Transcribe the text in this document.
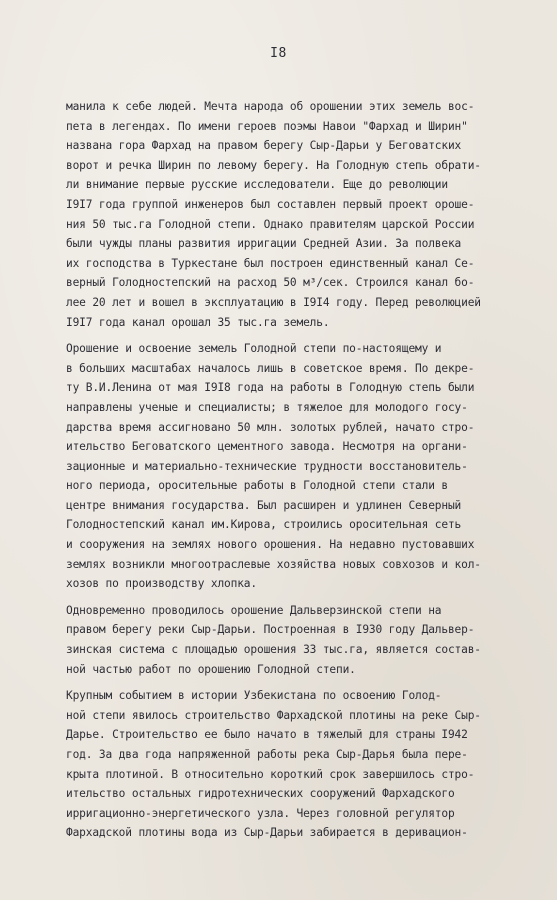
I8
манила к себе людей. Мечта народа об орошении этих земель вос-
пета в легендах. По имени героев поэмы Навои "Фархад и Ширин"
названа гора Фархад на правом берегу Сыр-Дарьи у Беговатских
ворот и речка Ширин по левому берегу. На Голодную степь обрати-
ли внимание первые русские исследователи. Еще до революции
I9I7 года группой инженеров был составлен первый проект ороше-
ния 50 тыс.га Голодной степи. Однако правителям царской России
были чужды планы развития ирригации Средней Азии. За полвека
их господства в Туркестане был построен единственный канал Се-
верный Голодностепский на расход 50 м³/сек. Строился канал бо-
лее 20 лет и вошел в эксплуатацию в I9I4 году. Перед революцией
I9I7 года канал орошал 35 тыс.га земель.
Орошение и освоение земель Голодной степи по-настоящему и
в больших масштабах началось лишь в советское время. По декре-
ту В.И.Ленина от мая I9I8 года на работы в Голодную степь были
направлены ученые и специалисты; в тяжелое для молодого госу-
дарства время ассигновано 50 млн. золотых рублей, начато стро-
ительство Беговатского цементного завода. Несмотря на органи-
зационные и материально-технические трудности восстановитель-
ного периода, оросительные работы в Голодной степи стали в
центре внимания государства. Был расширен и удлинен Северный
Голодностепский канал им.Кирова, строились оросительная сеть
и сооружения на землях нового орошения. На недавно пустовавших
землях возникли многоотраслевые хозяйства новых совхозов и кол-
хозов по производству хлопка.
Одновременно проводилось орошение Дальверзинской степи на
правом берегу реки Сыр-Дарьи. Построенная в I930 году Дальвер-
зинская система с площадью орошения 33 тыс.га, является состав-
ной частью работ по орошению Голодной степи.
Крупным событием в истории Узбекистана по освоению Голод-
ной степи явилось строительство Фархадской плотины на реке Сыр-
Дарье. Строительство ее было начато в тяжелый для страны I942
год. За два года напряженной работы река Сыр-Дарья была пере-
крыта плотиной. В относительно короткий срок завершилось стро-
ительство остальных гидротехнических сооружений Фархадского
ирригационно-энергетического узла. Через головной регулятор
Фархадской плотины вода из Сыр-Дарьи забирается в деривацион-
